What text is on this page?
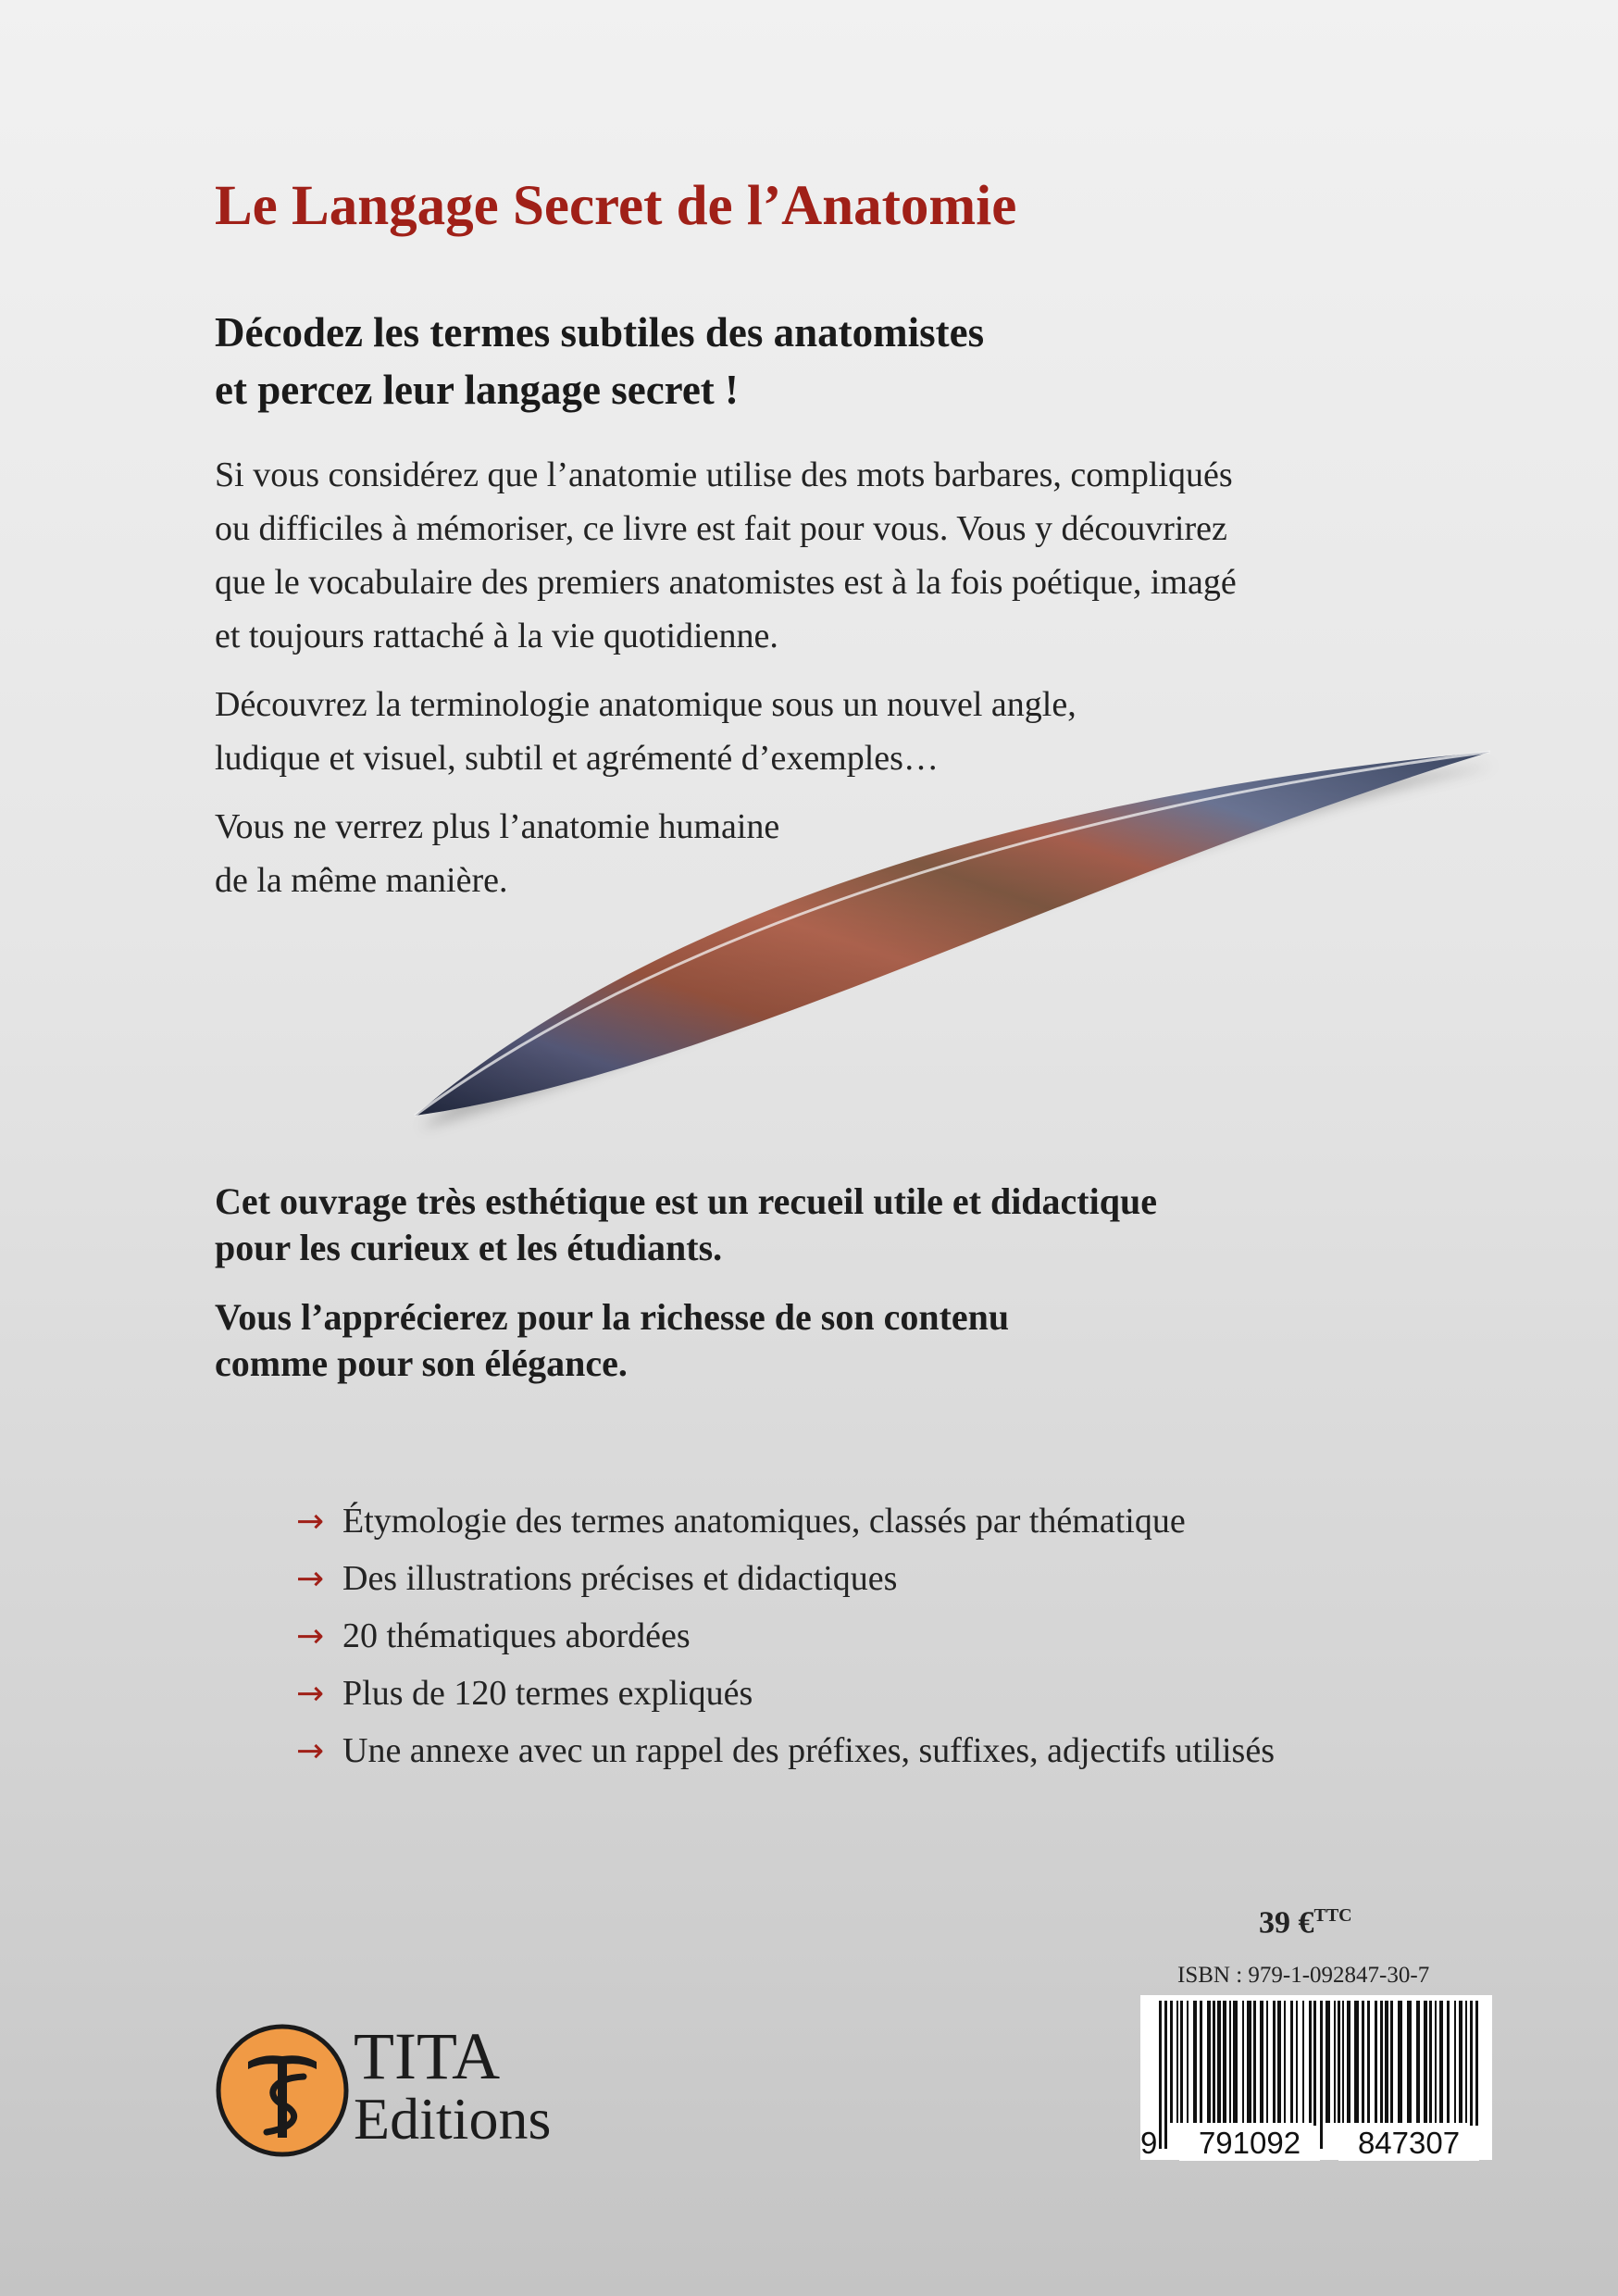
Le Langage Secret de l’Anatomie
Décodez les termes subtiles des anatomistes
et percez leur langage secret !
Si vous considérez que l’anatomie utilise des mots barbares, compliqués
ou difficiles à mémoriser, ce livre est fait pour vous. Vous y découvrirez
que le vocabulaire des premiers anatomistes est à la fois poétique, imagé
et toujours rattaché à la vie quotidienne.
Découvrez la terminologie anatomique sous un nouvel angle,
ludique et visuel, subtil et agrémenté d’exemples…
Vous ne verrez plus l’anatomie humaine
de la même manière.
Cet ouvrage très esthétique est un recueil utile et didactique
pour les curieux et les étudiants.
Vous l’apprécierez pour la richesse de son contenu
comme pour son élégance.
→ Étymologie des termes anatomiques, classés par thématique
→ Des illustrations précises et didactiques
→ 20 thématiques abordées
→ Plus de 120 termes expliqués
→ Une annexe avec un rappel des préfixes, suffixes, adjectifs utilisés
39 €$^{TTC}$
ISBN : 979-1-092847-30-7
9	791092	847307
TITA
Editions
